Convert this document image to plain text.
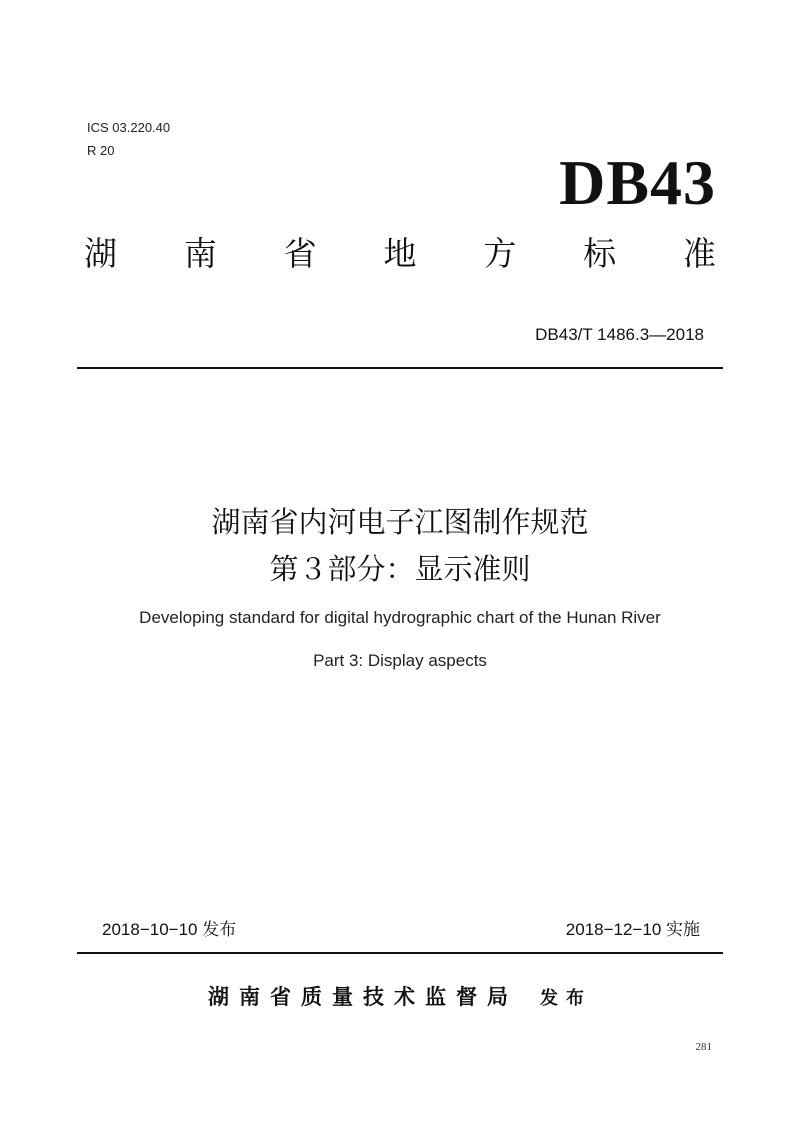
ICS 03.220.40
R 20	DB43
湖 南 省 地 方 标 准
DB43/T 1486.3—2018
湖南省内河电子江图制作规范
第３部分：显示准则
Developing standard for digital hydrographic chart of the Hunan River
Part 3: Display aspects
2018−10−10 发布	2018−12−10 实施
湖南省质量技术监督局 发布
281
